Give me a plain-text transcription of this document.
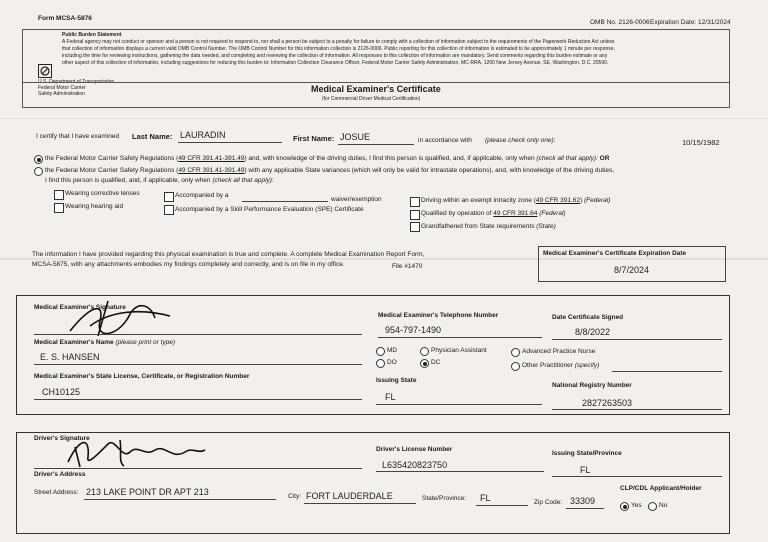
Form MCSA-5876
OMB No. 2126-0006 Expiration Date: 12/31/2024
Public Burden Statement
A Federal agency may not conduct or sponsor and a person is not required to respond to, nor shall a person be subject to a penalty for failure to comply with a collection of information subject to the requirements of the Paperwork Reduction Act unless
that collection of information displays a current valid OMB Control Number. The OMB Control Number for this information collection is 2126-0006. Public reporting for this collection of information is estimated to be approximately 1 minute per response,
including the time for reviewing instructions, gathering the data needed, and completing and reviewing the collection of information. All responses to this collection of information are mandatory. Send comments regarding this burden estimate or any
other aspect of this collection of information, including suggestions for reducing this burden to: Information Collection Clearance Officer, Federal Motor Carrier Safety Administration, MC-RRA, 1200 New Jersey Avenue, SE, Washington, D.C. 20590.
U.S. Department of Transportation
Federal Motor Carrier
Safety Administration	Medical Examiner's Certificate
(for Commercial Driver Medical Certification)
I certify that I have examined Last Name: LAURADIN	First Name: JOSUE	in accordance with (please check only one):	10/15/1982
the Federal Motor Carrier Safety Regulations (49 CFR 391.41-391.49) and, with knowledge of the driving duties, I find this person is qualified, and, if applicable, only when (check all that apply): OR
the Federal Motor Carrier Safety Regulations (49 CFR 391.41-391.49) with any applicable State variances (which will only be valid for intrastate operations), and, with knowledge of the driving duties,
I find this person is qualified, and, if applicable, only when (check all that apply):
Wearing corrective lenses
Wearing hearing aid
Accompanied by a
waiver/exemption
Accompanied by a Skill Performance Evaluation (SPE) Certificate
Driving within an exempt intracity zone (49 CFR 391.62) (Federal)
Qualified by operation of 49 CFR 391.64 (Federal)
Grandfathered from State requirements (State)
The information I have provided regarding this physical examination is true and complete. A complete Medical Examination Report Form,
MCSA-5875, with any attachments embodies my findings completely and correctly, and is on file in my office.	File #1470
Medical Examiner's Certificate Expiration Date
8/7/2024
Medical Examiner's Signature
Medical Examiner's Telephone Number
954-797-1490
Date Certificate Signed
8/8/2022
Medical Examiner's Name (please print or type)
E. S. HANSEN
MD
DO
Physician Assistant
DC
Advanced Practice Nurse
Other Practitioner (specify)
Medical Examiner's State License, Certificate, or Registration Number
CH10125
Issuing State
FL
National Registry Number
2827263503
Driver's Signature
Driver's License Number
L635420823750
Issuing State/Province
FL
Driver's Address
Street Address: 213 LAKE POINT DR APT 213	City: FORT LAUDERDALE	State/Province: FL	Zip Code: 33309
CLP/CDL Applicant/Holder
Yes	No
